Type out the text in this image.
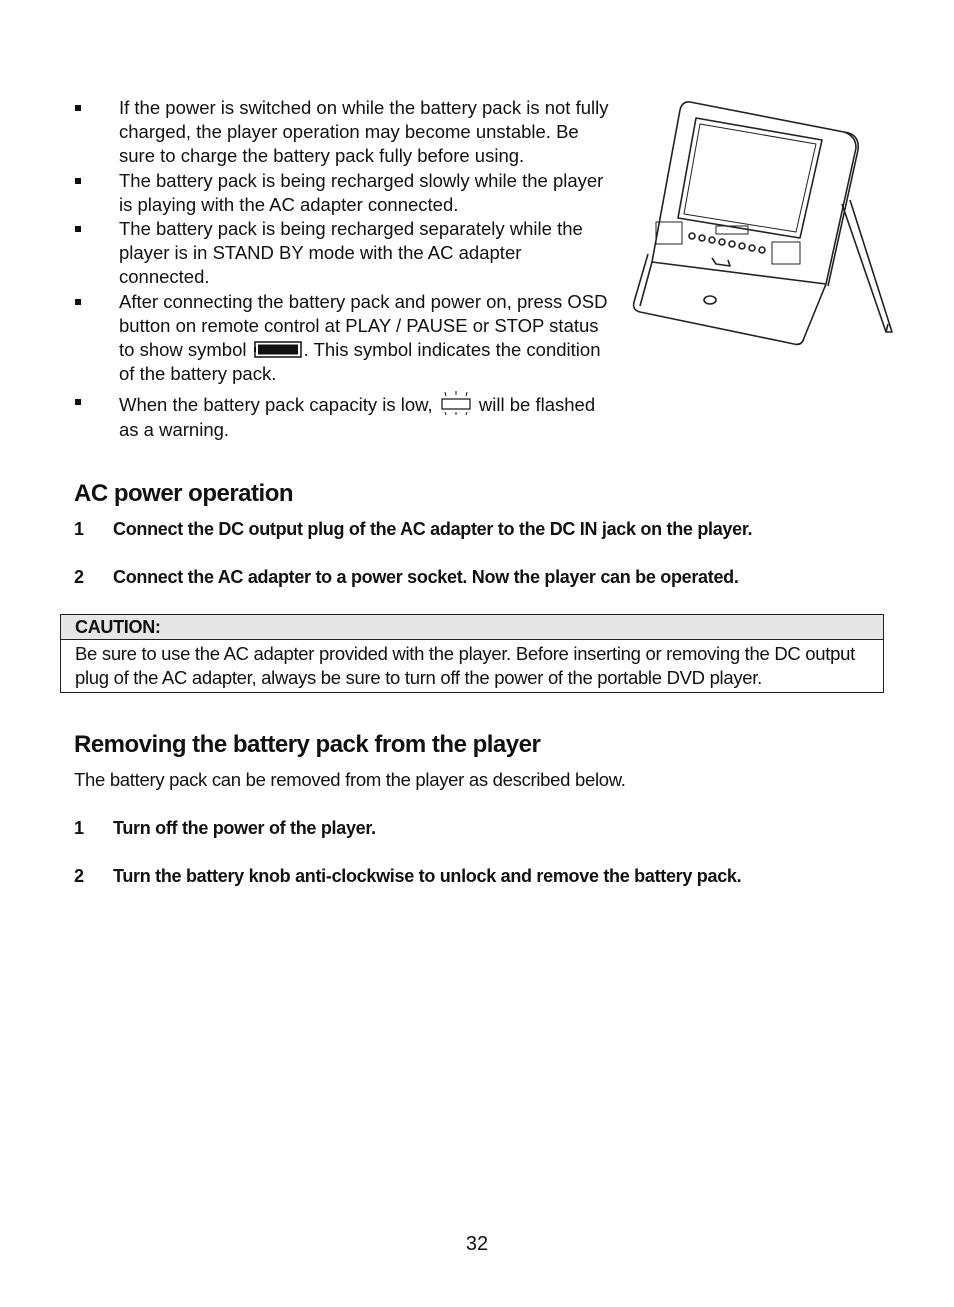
If the power is switched on while the battery pack is not fully charged, the player operation may become unstable. Be sure to charge the battery pack fully before using.
The battery pack is being recharged slowly while the player is playing with the AC adapter connected.
The battery pack is being recharged separately while the player is in STAND BY mode with the AC adapter connected.
After connecting the battery pack and power on, press OSD button on remote control at PLAY / PAUSE or STOP status to show symbol	. This symbol indicates the condition of the battery pack.
When the battery pack capacity is low,	will be flashed as a warning.
AC power operation
1 Connect the DC output plug of the AC adapter to the DC IN jack on the player.
2 Connect the AC adapter to a power socket. Now the player can be operated.
CAUTION:
Be sure to use the AC adapter provided with the player. Before inserting or removing the DC output plug of the AC adapter, always be sure to turn off the power of the portable DVD player.
Removing the battery pack from the player
The battery pack can be removed from the player as described below.
1 Turn off the power of the player.
2 Turn the battery knob anti-clockwise to unlock and remove the battery pack.
32
